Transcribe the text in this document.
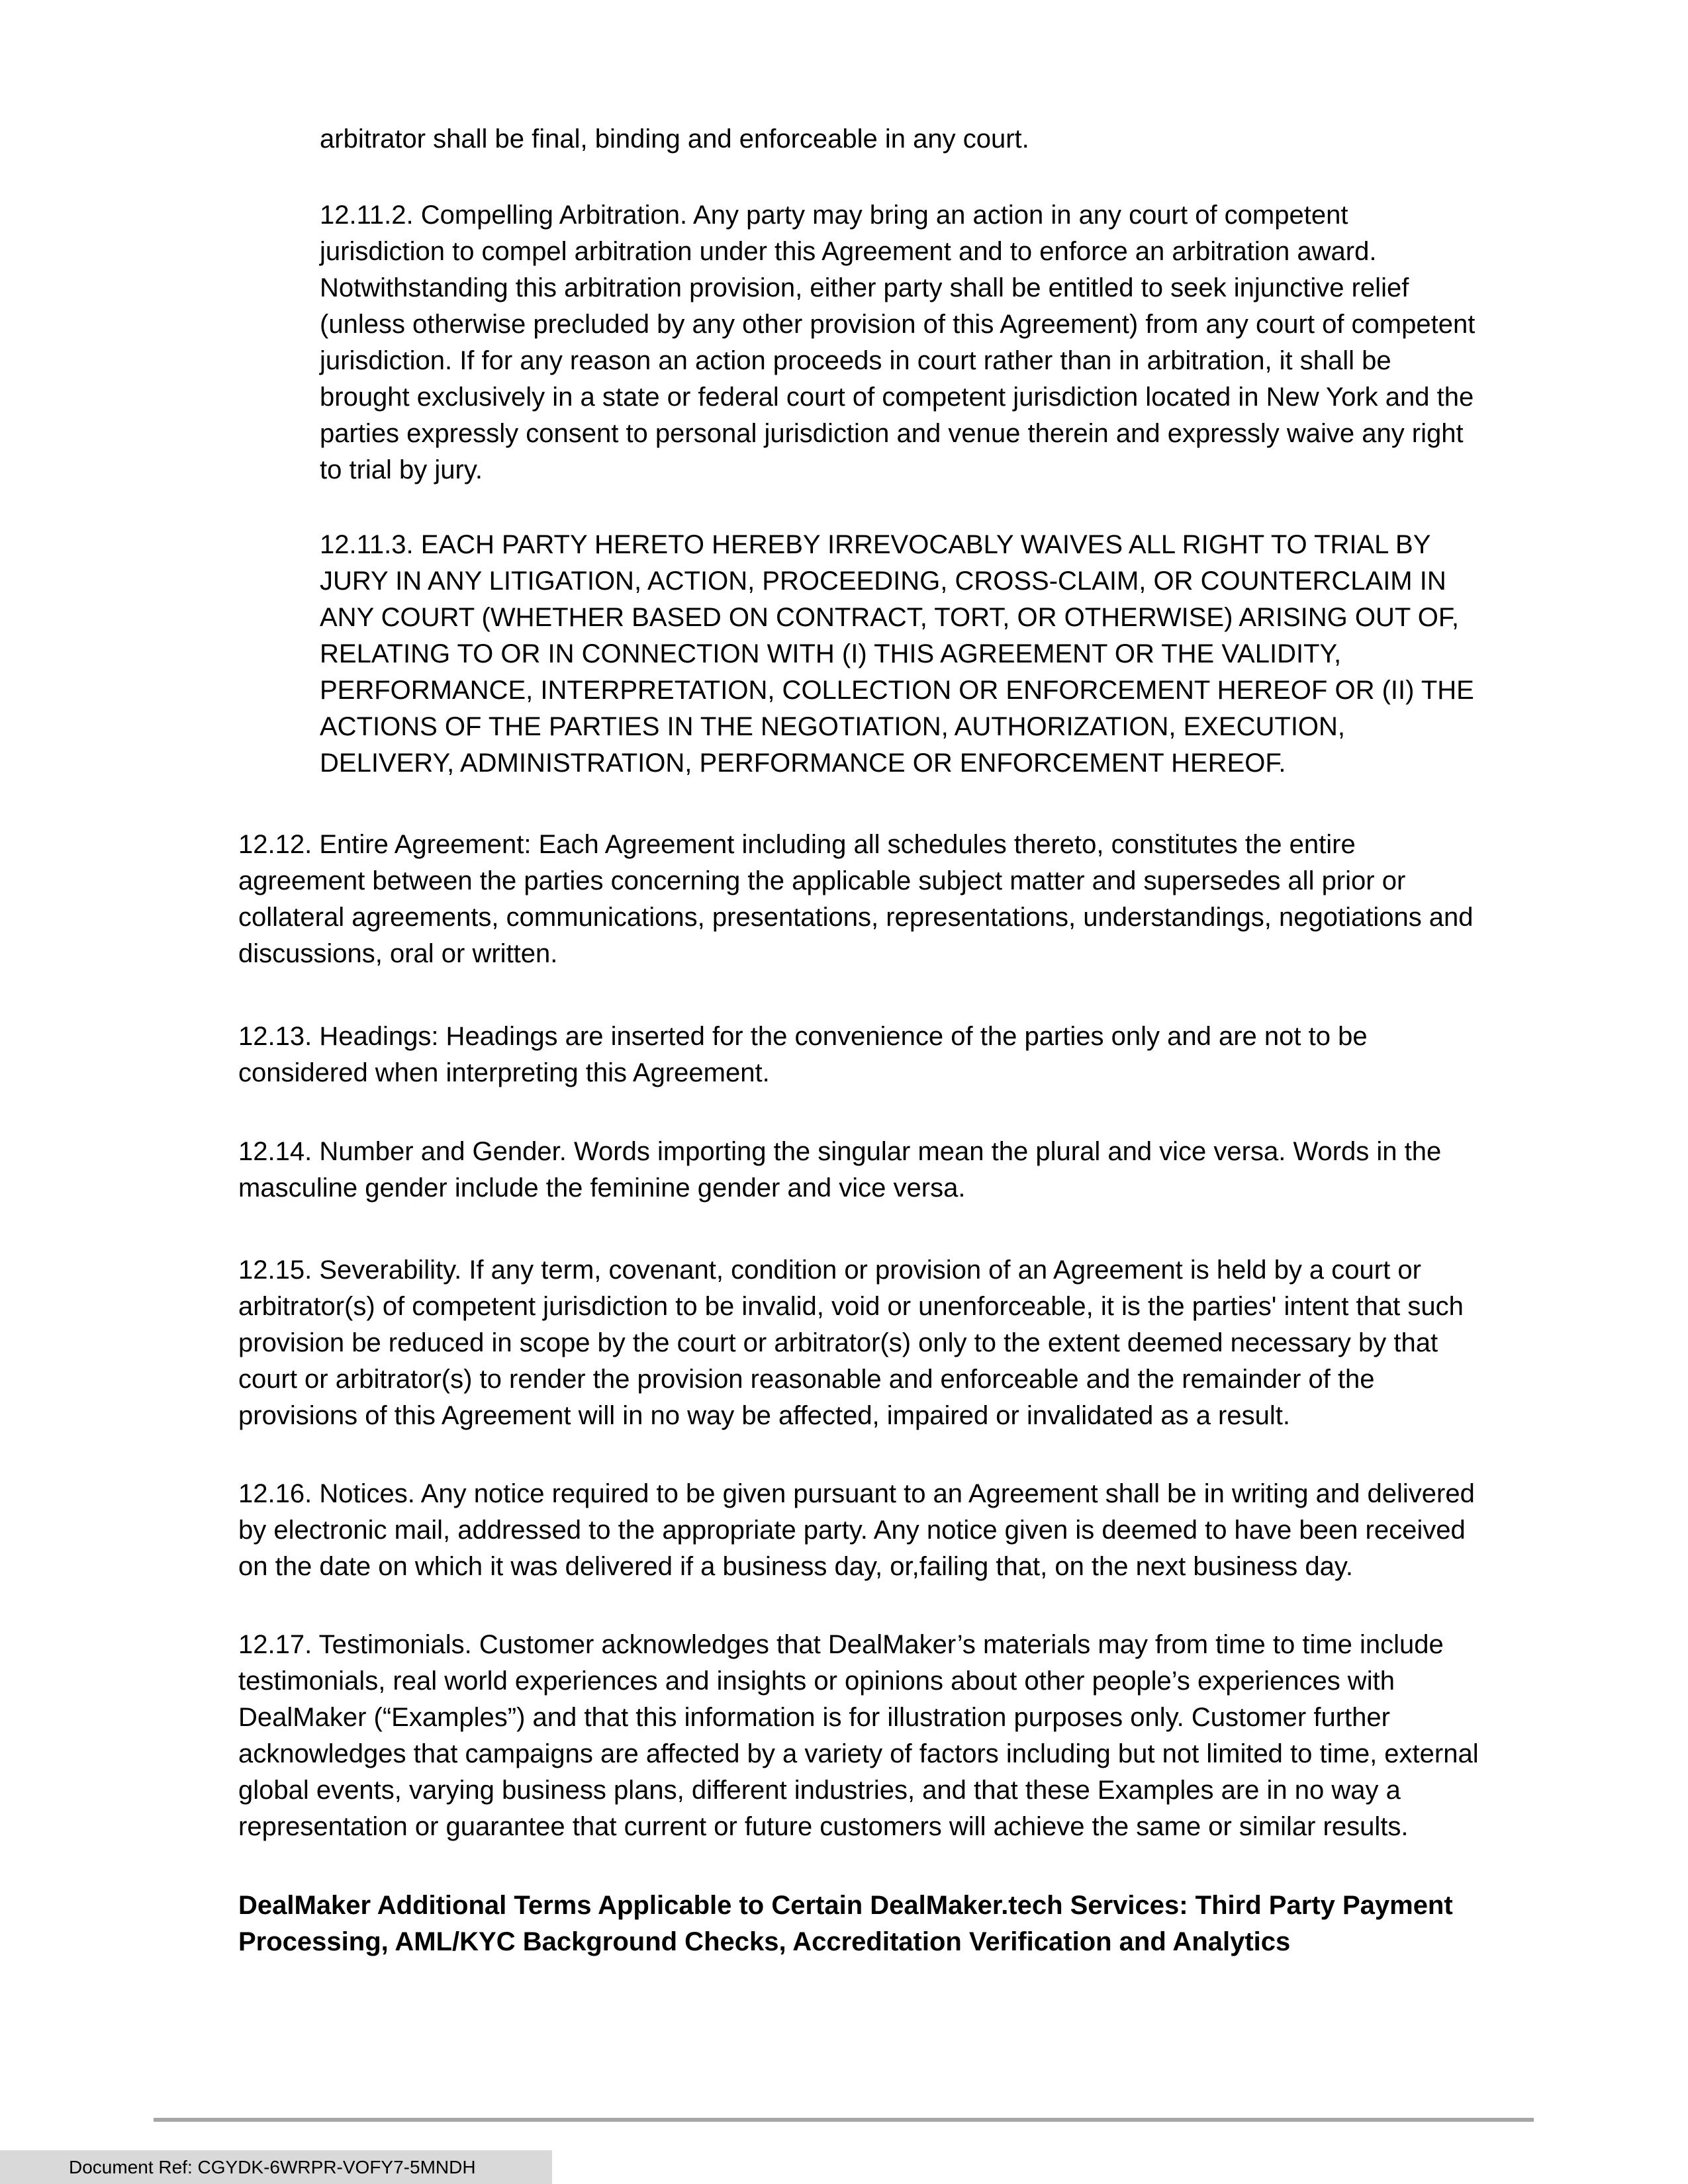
arbitrator shall be final, binding and enforceable in any court.

12.11.2. Compelling Arbitration. Any party may bring an action in any court of competent
jurisdiction to compel arbitration under this Agreement and to enforce an arbitration award.
Notwithstanding this arbitration provision, either party shall be entitled to seek injunctive relief
(unless otherwise precluded by any other provision of this Agreement) from any court of competent
jurisdiction. If for any reason an action proceeds in court rather than in arbitration, it shall be
brought exclusively in a state or federal court of competent jurisdiction located in New York and the
parties expressly consent to personal jurisdiction and venue therein and expressly waive any right
to trial by jury.

12.11.3. EACH PARTY HERETO HEREBY IRREVOCABLY WAIVES ALL RIGHT TO TRIAL BY
JURY IN ANY LITIGATION, ACTION, PROCEEDING, CROSS-CLAIM, OR COUNTERCLAIM IN
ANY COURT (WHETHER BASED ON CONTRACT, TORT, OR OTHERWISE) ARISING OUT OF,
RELATING TO OR IN CONNECTION WITH (I) THIS AGREEMENT OR THE VALIDITY,
PERFORMANCE, INTERPRETATION, COLLECTION OR ENFORCEMENT HEREOF OR (II) THE
ACTIONS OF THE PARTIES IN THE NEGOTIATION, AUTHORIZATION, EXECUTION,
DELIVERY, ADMINISTRATION, PERFORMANCE OR ENFORCEMENT HEREOF.

12.12. Entire Agreement: Each Agreement including all schedules thereto, constitutes the entire
agreement between the parties concerning the applicable subject matter and supersedes all prior or
collateral agreements, communications, presentations, representations, understandings, negotiations and
discussions, oral or written.

12.13. Headings: Headings are inserted for the convenience of the parties only and are not to be
considered when interpreting this Agreement.

12.14. Number and Gender. Words importing the singular mean the plural and vice versa. Words in the
masculine gender include the feminine gender and vice versa.

12.15. Severability. If any term, covenant, condition or provision of an Agreement is held by a court or
arbitrator(s) of competent jurisdiction to be invalid, void or unenforceable, it is the parties' intent that such
provision be reduced in scope by the court or arbitrator(s) only to the extent deemed necessary by that
court or arbitrator(s) to render the provision reasonable and enforceable and the remainder of the
provisions of this Agreement will in no way be affected, impaired or invalidated as a result.

12.16. Notices. Any notice required to be given pursuant to an Agreement shall be in writing and delivered
by electronic mail, addressed to the appropriate party. Any notice given is deemed to have been received
on the date on which it was delivered if a business day, or,failing that, on the next business day.

12.17. Testimonials. Customer acknowledges that DealMaker’s materials may from time to time include
testimonials, real world experiences and insights or opinions about other people’s experiences with
DealMaker (“Examples”) and that this information is for illustration purposes only. Customer further
acknowledges that campaigns are affected by a variety of factors including but not limited to time, external
global events, varying business plans, different industries, and that these Examples are in no way a
representation or guarantee that current or future customers will achieve the same or similar results.

DealMaker Additional Terms Applicable to Certain DealMaker.tech Services: Third Party Payment
Processing, AML/KYC Background Checks, Accreditation Verification and Analytics

Document Ref: CGYDK-6WRPR-VOFY7-5MNDH
